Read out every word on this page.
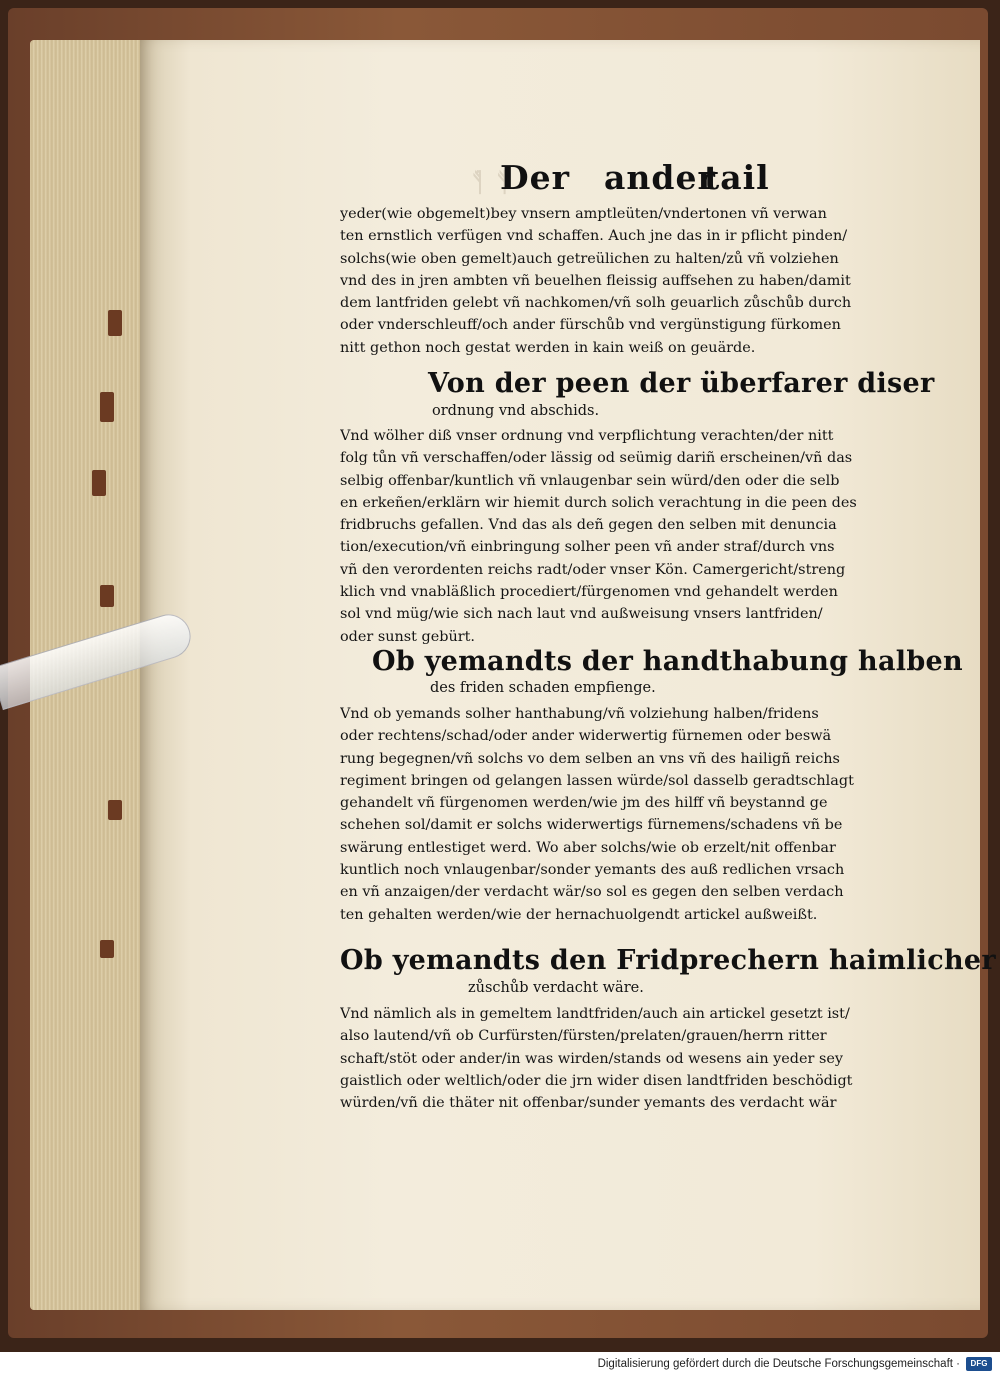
ᚠ ᚡ
Der andertail
yeder(wie obgemelt)bey vnsern amptleüten/vndertonen vñ verwan
ten ernstlich verfügen vnd schaffen. Auch jne das in ir pflicht pinden/
solchs(wie oben gemelt)auch getreülichen zu halten/zů vñ volziehen
vnd des in jren ambten vñ beuelhen fleissig auffsehen zu haben/damit
dem lantfriden gelebt vñ nachkomen/vñ solh geuarlich zůschůb durch
oder vnderschleuff/och ander fürschůb vnd vergünstigung fürkomen
nitt gethon noch gestat werden in kain weiß on geuärde.
Von der peen der überfarer diser
ordnung vnd abschids.
Vnd wölher diß vnser ordnung vnd verpflichtung verachten/der nitt
folg tůn vñ verschaffen/oder lässig od seümig dariñ erscheinen/vñ das
selbig offenbar/kuntlich vñ vnlaugenbar sein würd/den oder die selb
en erkeñen/erklärn wir hiemit durch solich verachtung in die peen des
fridbruchs gefallen. Vnd das als deñ gegen den selben mit denuncia
tion/execution/vñ einbringung solher peen vñ ander straf/durch vns
vñ den verordenten reichs radt/oder vnser Kön. Camergericht/streng
klich vnd vnabläßlich procediert/fürgenomen vnd gehandelt werden
sol vnd müg/wie sich nach laut vnd außweisung vnsers lantfriden/
oder sunst gebürt.
Ob yemandts der handthabung halben
des friden schaden empfienge.
Vnd ob yemands solher hanthabung/vñ volziehung halben/fridens
oder rechtens/schad/oder ander widerwertig fürnemen oder beswä
rung begegnen/vñ solchs vo dem selben an vns vñ des hailigñ reichs
regiment bringen od gelangen lassen würde/sol dasselb geradtschlagt
gehandelt vñ fürgenomen werden/wie jm des hilff vñ beystannd ge
schehen sol/damit er solchs widerwertigs fürnemens/schadens vñ be
swärung entlestiget werd. Wo aber solchs/wie ob erzelt/nit offenbar
kuntlich noch vnlaugenbar/sonder yemants des auß redlichen vrsach
en vñ anzaigen/der verdacht wär/so sol es gegen den selben verdach
ten gehalten werden/wie der hernachuolgendt artickel außweißt.
Ob yemandts den Fridprechern haimlicher
zůschůb verdacht wäre.
Vnd nämlich als in gemeltem landtfriden/auch ain artickel gesetzt ist/
also lautend/vñ ob Curfürsten/fürsten/prelaten/grauen/herrn ritter
schaft/stöt oder ander/in was wirden/stands od wesens ain yeder sey
gaistlich oder weltlich/oder die jrn wider disen landtfriden beschödigt
würden/vñ die thäter nit offenbar/sunder yemants des verdacht wär
Digitalisierung gefördert durch die Deutsche Forschungsgemeinschaft ·	DFG
